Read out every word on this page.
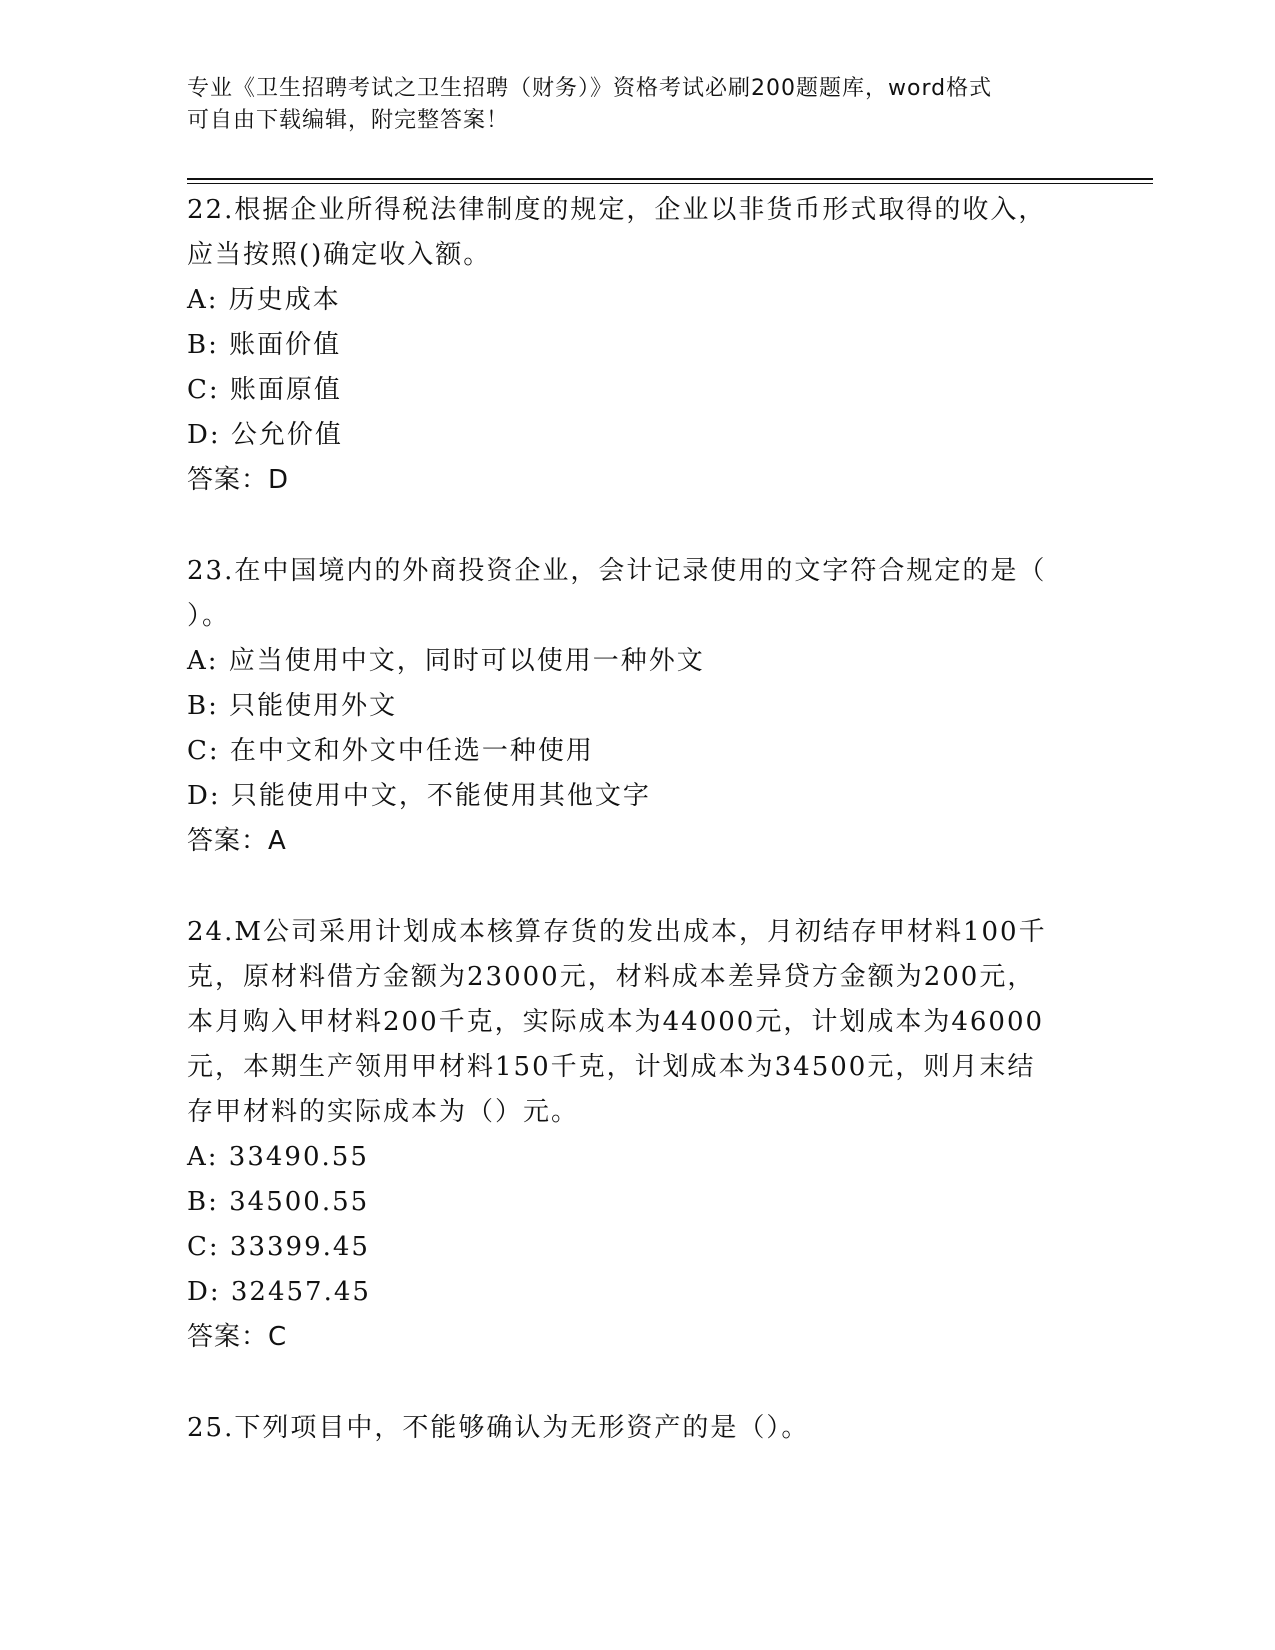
专业《卫生招聘考试之卫生招聘（财务）》资格考试必刷200题题库，word格式
可自由下载编辑，附完整答案！
22.根据企业所得税法律制度的规定，企业以非货币形式取得的收入，
应当按照()确定收入额。
A: 历史成本
B: 账面价值
C: 账面原值
D: 公允价值
答案：D
23.在中国境内的外商投资企业，会计记录使用的文字符合规定的是（
）。
A: 应当使用中文，同时可以使用一种外文
B: 只能使用外文
C: 在中文和外文中任选一种使用
D: 只能使用中文，不能使用其他文字
答案：A
24.M公司采用计划成本核算存货的发出成本，月初结存甲材料100千
克，原材料借方金额为23000元，材料成本差异贷方金额为200元，
本月购入甲材料200千克，实际成本为44000元，计划成本为46000
元，本期生产领用甲材料150千克，计划成本为34500元，则月末结
存甲材料的实际成本为（）元。
A: 33490.55
B: 34500.55
C: 33399.45
D: 32457.45
答案：C
25.下列项目中，不能够确认为无形资产的是（）。
